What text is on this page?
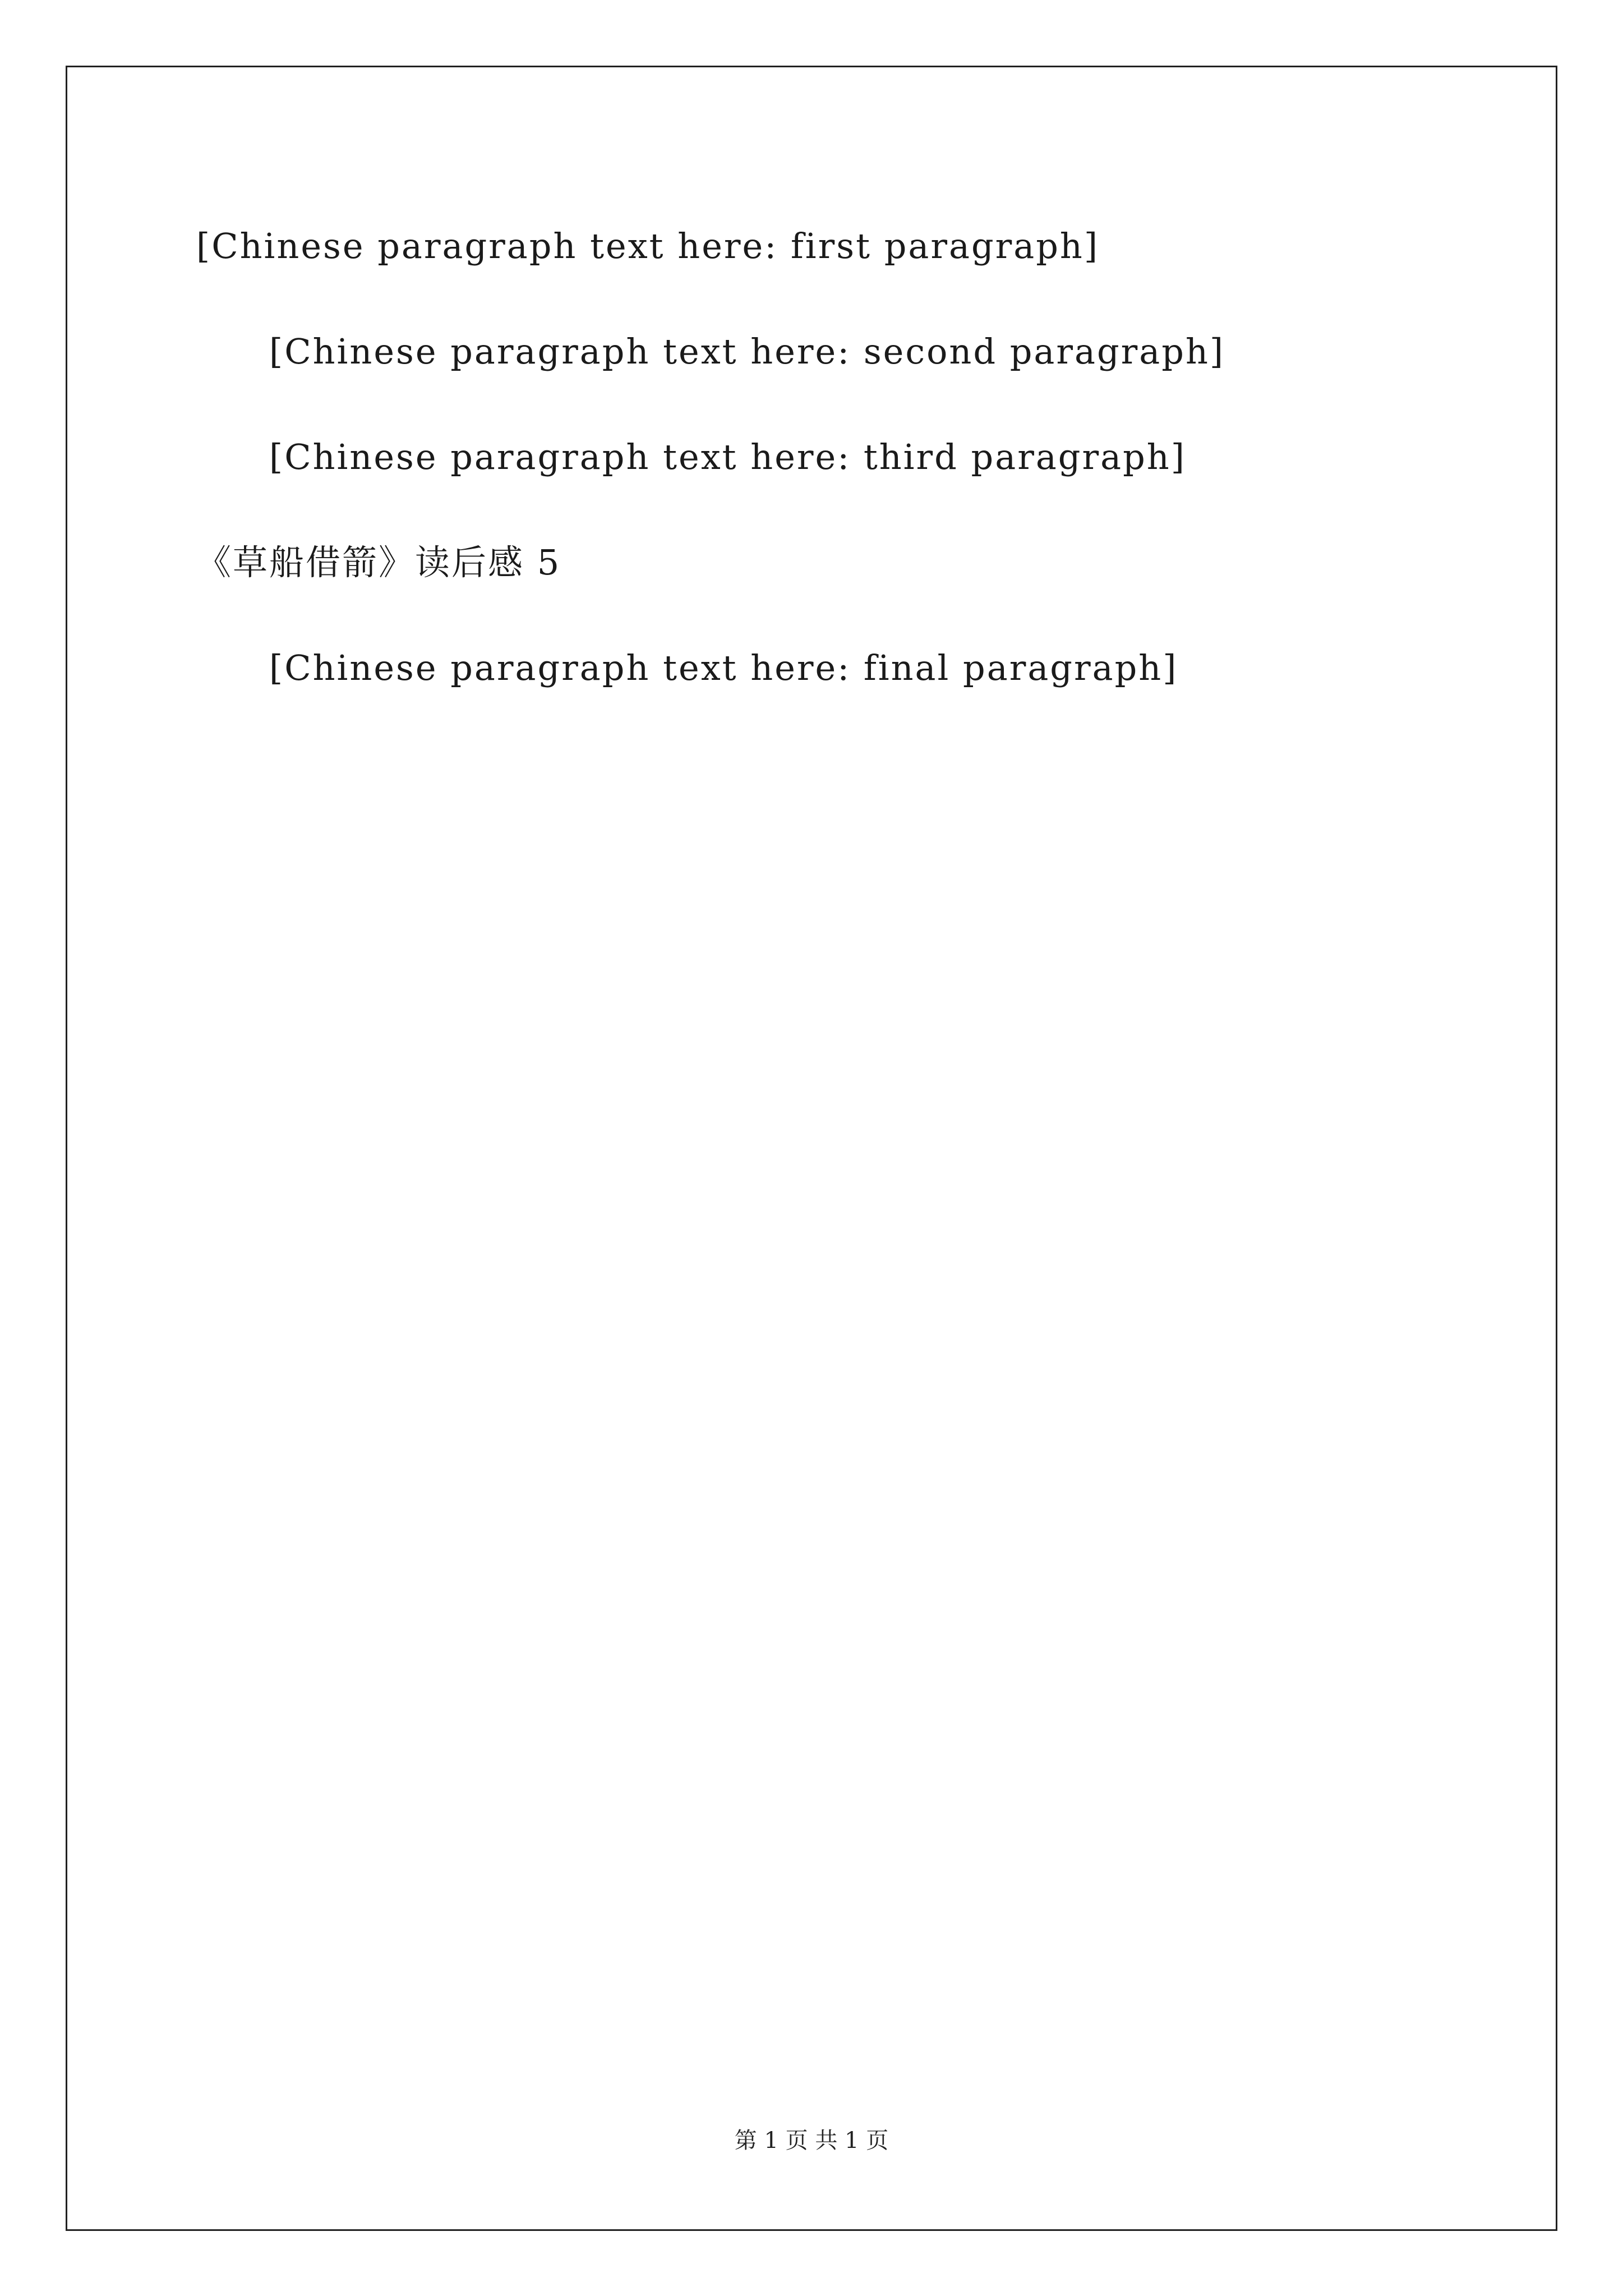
[Chinese paragraph text here: first paragraph]

[Chinese paragraph text here: second paragraph]

[Chinese paragraph text here: third paragraph]

《草船借箭》读后感 5

[Chinese paragraph text here: final paragraph]

第 1 页 共 1 页
